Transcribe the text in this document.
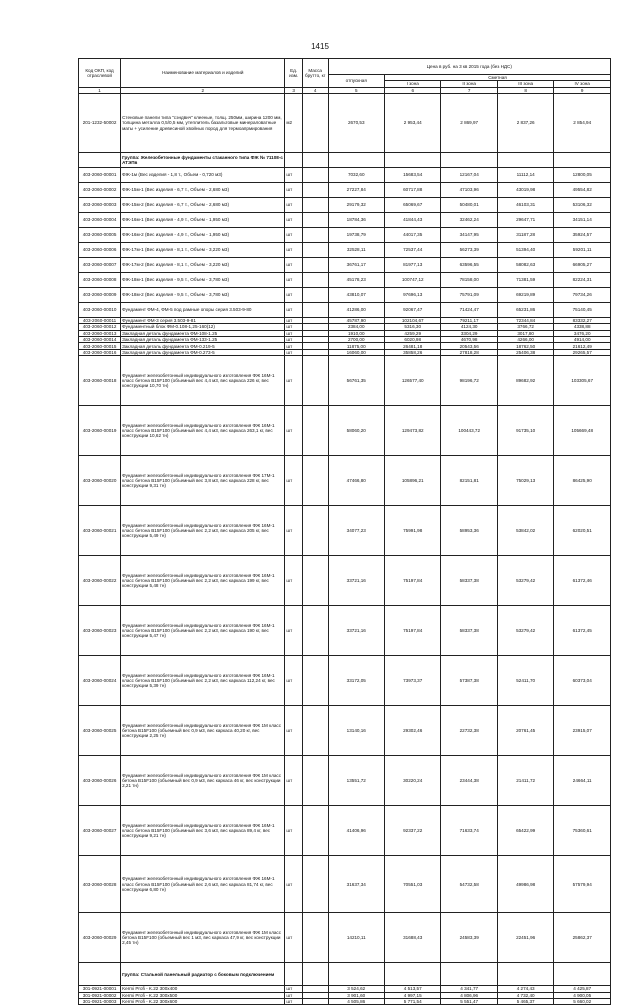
1415
Код ОКП, код отраслевой	Наименование материалов и изделий	Ед. изм.	Масса брутто, кг	Цена в руб. на 3 кв 2015 года (без НДС)				
				отпускная	Сметная			
					I зона	II зона	III зона	IV зона
1	2	3	4	5	6	7	8	9
201-1232-50002	Стеновые панели типа "сэндвич" клееные, толщ. 250мм, ширина 1200 мм, толщина металла 0,5/0,5 мм, утеплитель базальтовые минераловатные маты + усиление древесиной хвойных пород для термоапрмирования	м2		2670,53	2 953,44	2 869,97	2 837,26	2 854,94
	Группа: Железобетонные фундаменты стаканного типа ФЖ № 71108-с АТЭПв							
403-2060-00001	ФЖ-1м (Вес изделия - 1,8 т., Объем - 0,720 м3)	шт		7032,60	15683,54	12167,04	11112,14	12800,05
403-2060-00002	ФЖ-15м-1 (Вес изделия - 6,7 т., Объем - 2,680 м3)	шт		27227,84	60717,88	47103,96	43019,98	49554,82
403-2060-00003	ФЖ-15м-2 (Вес изделия - 6,7 т., Объем - 2,680 м3)	шт		29179,32	65069,67	50480,01	46103,31	53106,32
403-2060-00004	ФЖ-16м-1 (Вес изделия - 4,9 т., Объем - 1,950 м3)	шт		18784,36	41844,43	32462,24	29647,71	34151,14
403-2060-00005	ФЖ-16м-2 (Вес изделия - 4,9 т., Объем - 1,950 м3)	шт		19738,79	44017,35	34147,95	31187,28	35924,57
403-2060-00006	ФЖ-17м-1 (Вес изделия - 8,1 т., Объем - 3,220 м3)	шт		32528,11	72537,44	56273,39	51394,40	59201,11
403-2060-00007	ФЖ-17м-2 (Вес изделия - 8,1 т., Объем - 3,220 м3)	шт		36761,17	81977,13	63596,55	58082,63	66905,27
403-2060-00008	ФЖ-18м-1 (Вес изделия - 9,5 т., Объем - 3,780 м3)	шт		45178,23	100747,12	78158,00	71381,59	82224,31
403-2060-00009	ФЖ-18м-2 (Вес изделия - 9,5 т., Объем - 3,780 м3)	шт		43810,07	97696,13	75791,09	69219,89	79734,26
403-2060-00010	Фундамент ФМ-4, ФМ-5 под рамные опоры серия 3.503-9-80	шт		41286,00	92067,47	71424,47	65231,86	75140,45
403-2060-00011	Фундамент ФМ-3 серия 3.503-9-81	шт		45787,90	102104,67	79211,17	72344,84	83332,27
403-2060-00012	Фундаментный блок ФМ-0.108-1,25-160(12)	шт		2384,00	5316,30	4124,30	3766,72	4338,88
403-2060-00013	Закладная деталь фундамента ФМ-108-1.25	шт		1910,00	4259,29	3304,29	3017,80	3476,20
403-2060-00014	Закладная деталь фундамента ФМ-133-1.25	шт		2700,00	6020,98	4670,98	4266,00	4914,00
403-2060-00015	Закладная деталь фундамента ФМ-0.219-5	шт		11875,00	26481,18	20543,56	18762,50	21612,49
403-2060-00016	Закладная деталь фундамента ФМ-0.273-5	шт		16060,00	35858,26	27818,28	25406,38	29265,57
403-2060-00018	Фундамент железобетонный индивидуального изготовления ФЖ 16М-1 класс бетона В15F100 (объемный вес 4,4 м3, вес каркаса 226 кг, вес конструкции 10,70 тн)	шт		56761,35	126577,40	98196,72	89682,92	103305,67
403-2060-00019	Фундамент железобетонный индивидуального изготовления ФЖ 16М-1 класс бетона В15F100 (объемный вес 4,4 м3, вес каркаса 263,1 кг, вес конструкции 10,62 тн)	шт		58060,20	129473,82	100443,72	91735,10	105669,48
403-2060-00020	Фундамент железобетонный индивидуального изготовления ФЖ 17М-1 класс бетона В15F100 (объемный вес 3,8 м3, вес каркаса 228 кг, вес конструкции 9,31 тн)	шт		47466,80	105896,21	82151,81	75029,13	86425,90
403-2060-00021	Фундамент железобетонный индивидуального изготовления ФЖ 16М-1 класс бетона В15F100 (объемный вес 2,2 м3, вес каркаса 205 кг, вес конструкции 5,49 тн)	шт		34077,23	75991,98	58953,36	53842,02	62020,51
403-2060-00022	Фундамент железобетонный индивидуального изготовления ФЖ 16М-1 класс бетона В15F100 (объемный вес 2,2 м3, вес каркаса 199 кг, вес конструкции 5,48 тн)	шт		33721,16	75197,84	58337,38	53279,42	61372,46
403-2060-00023	Фундамент железобетонный индивидуального изготовления ФЖ 16М-1 класс бетона В15F100 (объемный вес 2,2 м3, вес каркаса 190 кг, вес конструкции 5,47 тн)	шт		33721,16	75197,84	58337,38	53279,42	61372,45
403-2060-00024	Фундамент железобетонный индивидуального изготовления ФЖ 16М-1 класс бетона В15F100 (объемный вес 2,2 м3, вес каркаса 112,24 кг, вес конструкции 5,39 тн)	шт		33172,05	73973,37	57387,38	52411,70	60373,04
403-2060-00025	Фундамент железобетонный индивидуального изготовления ФЖ 1М класс бетона В15F100 (объемный вес 0,9 м3, вес каркаса 40,20 кг, вес конструкции 2,25 тн)	шт		13140,16	29302,46	22732,38	20761,45	23915,07
403-2060-00026	Фундамент железобетонный индивидуального изготовления ФЖ 1М класс бетона В15F100 (объемный вес 0,9 м3, вес каркаса 46 кг, вес конструкции 2,21 тн)	шт		13551,72	30220,24	23444,38	21411,72	24664,11
403-2060-00027	Фундамент железобетонный индивидуального изготовления ФЖ 16М-1 класс бетона В15F100 (объемный вес 3,6 м3, вес каркаса 89,4 кг, вес конструкции 9,21 тн)	шт		41406,96	92337,22	71633,74	65422,99	75360,61
403-2060-00028	Фундамент железобетонный индивидуального изготовления ФЖ 16М-1 класс бетона В15F100 (объемный вес 2,6 м3, вес каркаса 81,74 кг, вес конструкции 6,80 тн)	шт		31637,34	70551,03	54732,58	49986,98	57579,94
403-2060-00029	Фундамент железобетонный индивидуального изготовления ФЖ 1М класс бетона В15F100 (объемный вес 1 м3, вес каркаса 47,9 кг, вес конструкции 2,45 тн)	шт		14210,11	31688,43	24583,39	22451,96	25862,37
	Группа: Стальной панельный радиатор с боковым подключением							
301-0921-00001	Kermi Profi - K.22 300x400	шт		3 524,62	4 513,57	4 341,77	4 274,43	4 425,87
301-0921-00002	Kermi Profi - K.22 300x500	шт		3 901,60	4 997,15	4 806,96	4 732,40	4 900,05
301-0921-00003	Kermi Profi - K.22 300x600	шт		4 505,86	5 771,54	5 551,47	5 465,37	5 660,02
